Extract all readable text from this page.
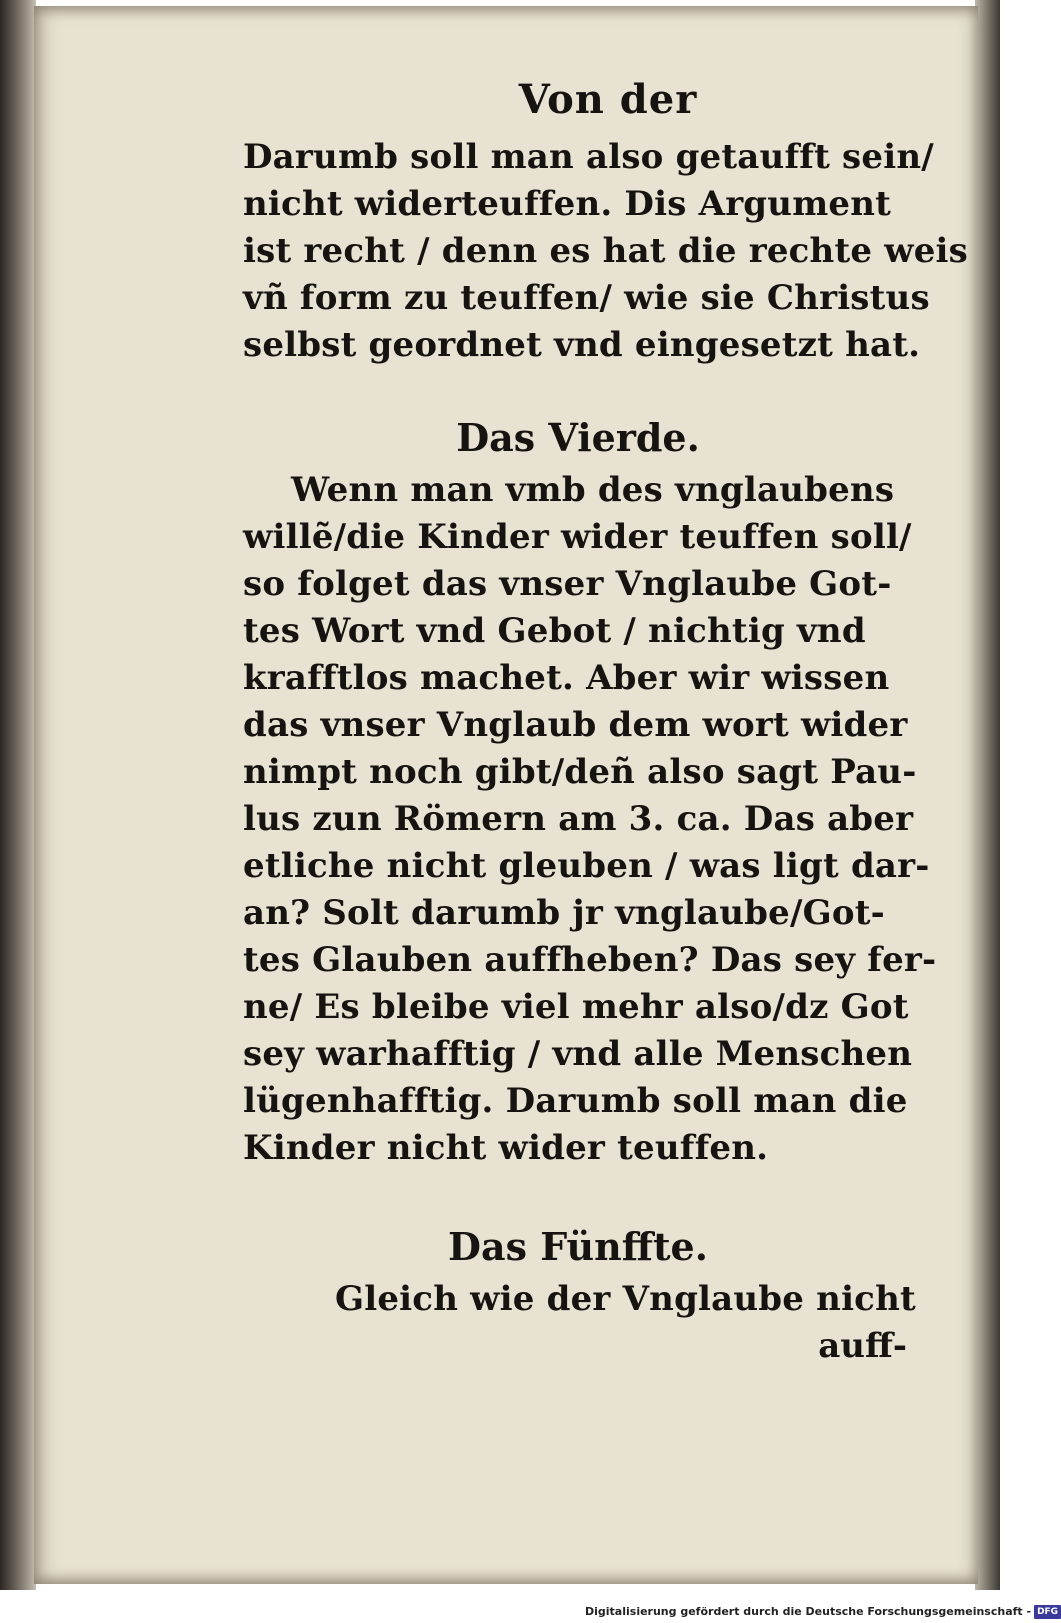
Von der
Darumb soll man also getaufft sein/
nicht widerteuffen. Dis Argument
ist recht / denn es hat die rechte weis
vñ form zu teuffen/ wie sie Christus
selbst geordnet vnd eingesetzt hat.
Das Vierde.
Wenn man vmb des vnglaubens
willẽ/die Kinder wider teuffen soll/
so folget das vnser Vnglaube Got-
tes Wort vnd Gebot / nichtig vnd
krafftlos machet. Aber wir wissen
das vnser Vnglaub dem wort wider
nimpt noch gibt/deñ also sagt Pau-
lus zun Römern am 3. ca. Das aber
etliche nicht gleuben / was ligt dar-
an? Solt darumb jr vnglaube/Got-
tes Glauben auffheben? Das sey fer-
ne/ Es bleibe viel mehr also/dz Got
sey warhafftig / vnd alle Menschen
lügenhafftig. Darumb soll man die
Kinder nicht wider teuffen.
Das Fünffte.
Gleich wie der Vnglaube nicht
auff-
Digitalisierung gefördert durch die Deutsche Forschungsgemeinschaft - DFG
